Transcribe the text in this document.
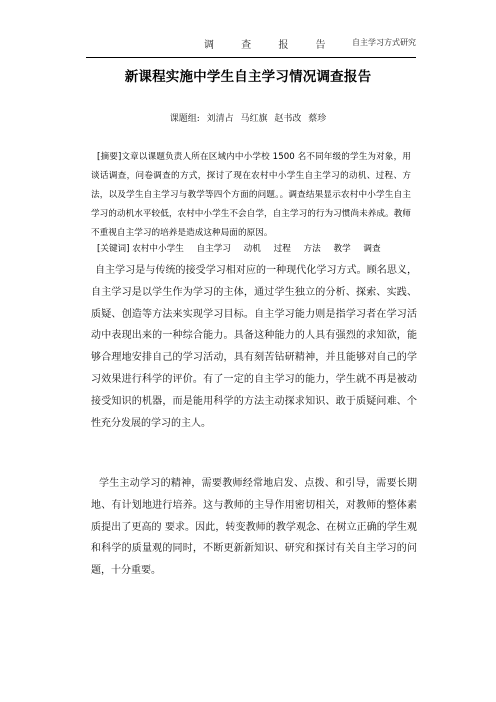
调 查 报 告 自主学习方式研究
新课程实施中学生自主学习情况调查报告
课题组: 刘清占 马红旗 赵书改 蔡珍
[摘要]文章以课题负责人所在区域内中小学校 1500 名不同年级的学生为对象，用谈话调查，问卷调查的方式，探讨了现在农村中小学生自主学习的动机、过程、方法，以及学生自主学习与教学等四个方面的问题。。调查结果显示农村中小学生自主学习的动机水平较低，农村中小学生不会自学，自主学习的行为习惯尚未养成。教师不重视自主学习的培养是造成这种局面的原因。
[关键词] 农村中小学生 自主学习 动机 过程 方法 教学 调查
自主学习是与传统的接受学习相对应的一种现代化学习方式。顾名思义，自主学习是以学生作为学习的主体，通过学生独立的分析、探索、实践、质疑、创造等方法来实现学习目标。自主学习能力则是指学习者在学习活动中表现出来的一种综合能力。具备这种能力的人具有强烈的求知欲，能够合理地安排自己的学习活动，具有刻苦钻研精神，并且能够对自己的学习效果进行科学的评价。有了一定的自主学习的能力，学生就不再是被动接受知识的机器，而是能用科学的方法主动探求知识、敢于质疑问难、个性充分发展的学习的主人。
学生主动学习的精神，需要教师经常地启发、点拨、和引导，需要长期地、有计划地进行培养。这与教师的主导作用密切相关，对教师的整体素质提出了更高的 要求。因此，转变教师的教学观念、在树立正确的学生观和科学的质量观的同时，不断更新新知识、研究和探讨有关自主学习的问题，十分重要。
